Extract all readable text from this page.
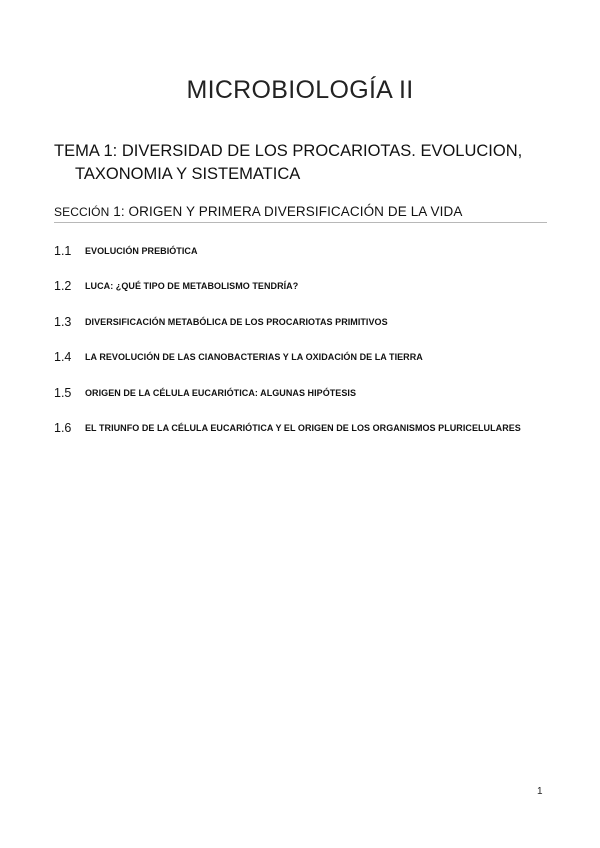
MICROBIOLOGÍA II
TEMA 1: DIVERSIDAD DE LOS PROCARIOTAS. EVOLUCION,
TAXONOMIA Y SISTEMATICA
SECCIÓN 1: ORIGEN Y PRIMERA DIVERSIFICACIÓN DE LA VIDA
1.1	EVOLUCIÓN PREBIÓTICA
1.2	LUCA: ¿QUÉ TIPO DE METABOLISMO TENDRÍA?
1.3	DIVERSIFICACIÓN METABÓLICA DE LOS PROCARIOTAS PRIMITIVOS
1.4	LA REVOLUCIÓN DE LAS CIANOBACTERIAS Y LA OXIDACIÓN DE LA TIERRA
1.5	ORIGEN DE LA CÉLULA EUCARIÓTICA: ALGUNAS HIPÓTESIS
1.6	EL TRIUNFO DE LA CÉLULA EUCARIÓTICA Y EL ORIGEN DE LOS ORGANISMOS PLURICELULARES
1
